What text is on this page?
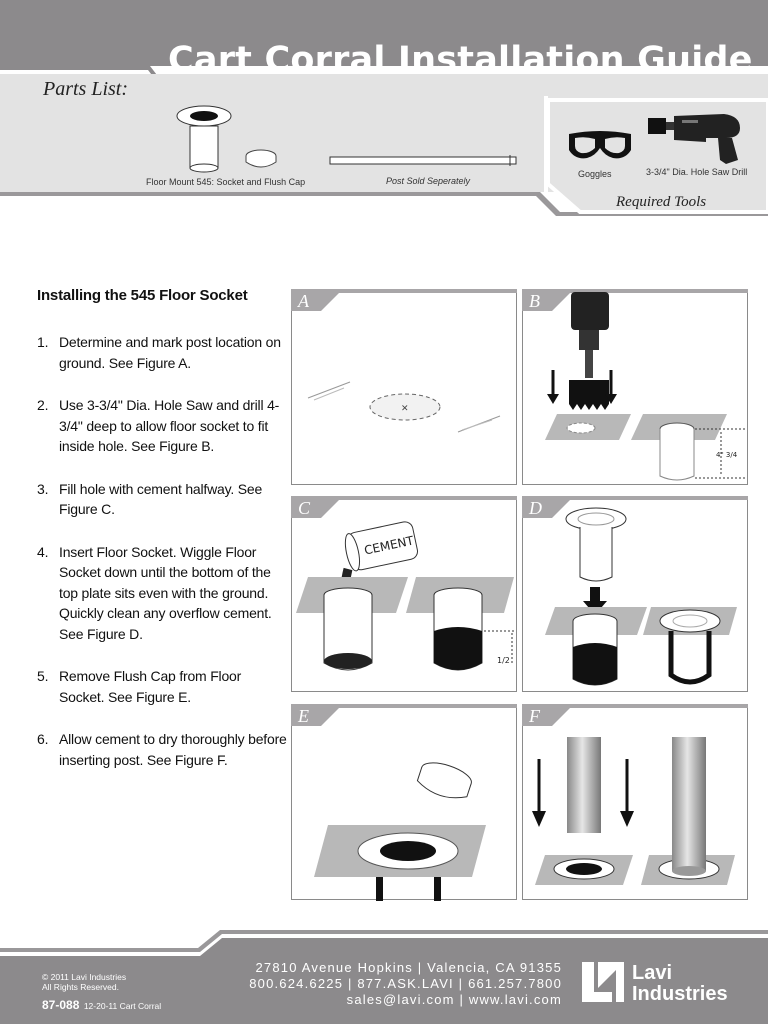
Cart Corral Installation Guide
Parts List:
Required Tools
Floor Mount 545: Socket and Flush Cap	Post Sold Seperately
Goggles	3-3/4" Dia. Hole Saw Drill
Installing the 545 Floor Socket
1. Determine and mark post location on ground. See Figure A.
2. Use 3-3/4" Dia. Hole Saw and drill 4-3/4" deep to allow floor socket to fit inside hole. See Figure B.
3. Fill hole with cement halfway. See Figure C.
4. Insert Floor Socket. Wiggle Floor Socket down until the bottom of the top plate sits even with the ground. Quickly clean any overflow cement. See Figure D.
5. Remove Flush Cap from Floor Socket. See Figure E.
6. Allow cement to dry thoroughly before inserting post. See Figure F.
A
✕
B
4" 3/4
C
CEMENT
1/2
D
E	F
© 2011 Lavi Industries
All Rights Reserved.
87-088 12-20-11 Cart Corral
27810 Avenue Hopkins | Valencia, CA 91355
800.624.6225 | 877.ASK.LAVI | 661.257.7800
sales@lavi.com | www.lavi.com
Lavi
Industries
